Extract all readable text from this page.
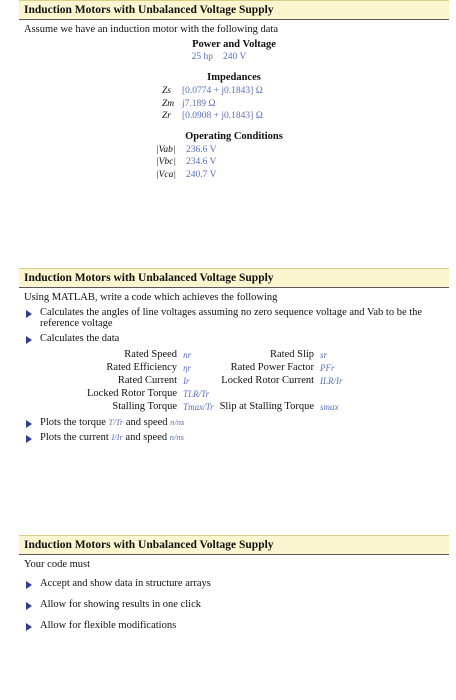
Induction Motors with Unbalanced Voltage Supply
Assume we have an induction motor with the following data
Power and Voltage
25 hp 240 V
Impedances
Zs	[0.0774 + j0.1843] Ω
Zm j7.189 Ω
Zr	[0.0908 + j0.1843] Ω
Operating Conditions
|Vab|	236.6 V
|Vbc|	234.6 V
|Vca|	240.7 V
Induction Motors with Unbalanced Voltage Supply
Using MATLAB, write a code which achieves the following
Calculates the angles of line voltages assuming no zero sequence voltage and Vab to be the reference voltage
Calculates the data
Rated Speed	nr	Rated Slip	sr
Rated Efficiency	ηr	Rated Power Factor	PFr
Rated Current	Ir	Locked Rotor Current	ILR/Ir
Locked Rotor Torque	TLR/Tr		
Stalling Torque	Tmax/Tr	Slip at Stalling Torque	smax
Plots the torque T/Tr and speed n/ns
Plots the current I/Ir and speed n/ns
Induction Motors with Unbalanced Voltage Supply
Your code must
Accept and show data in structure arrays
Allow for showing results in one click
Allow for flexible modifications
